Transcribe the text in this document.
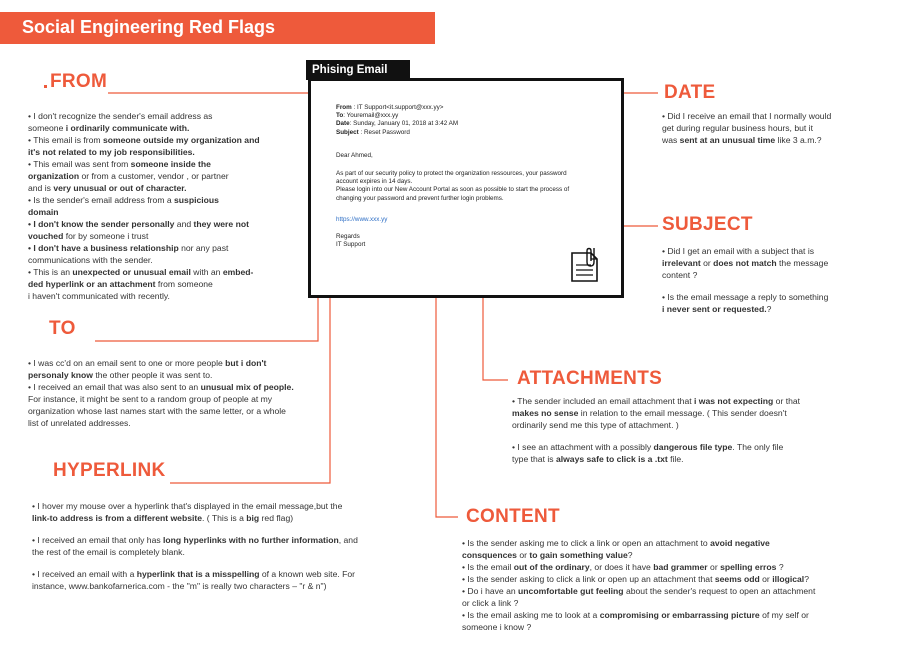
Social Engineering Red Flags
Phising Email
From : IT Support<it.support@xxx.yy>
To: Youremail@xxx.yy
Date: Sunday, January 01, 2018 at 3:42 AM
Subject : Reset Password
Dear Ahmed,
As part of our security policy to protect the organization ressources, your password
account expires in 14 days.
Please login into our New Account Portal as soon as possible to start the process of
changing your password and prevent further login problems.
https://www.xxx.yy
Regards
IT Support
FROM
TO
HYPERLINK
DATE
SUBJECT
ATTACHMENTS
CONTENT
• I don't recognize the sender's email address as
someone i ordinarily communicate with.
• This email is from someone outside my organization and
it's not related to my job responsibilities.
• This email was sent from someone inside the
organization or from a customer, vendor , or partner
and is very unusual or out of character.
• Is the sender's email address from a suspicious
domain
• I don't know the sender personally and they were not
vouched for by someone i trust
• I don't have a business relationship nor any past
communications with the sender.
• This is an unexpected or unusual email with an embed-
ded hyperlink or an attachment from someone
i haven't communicated with recently.
• I was cc'd on an email sent to one or more people but i don't
personaly know the other people it was sent to.
• I received an email that was also sent to an unusual mix of people.
For instance, it might be sent to a random group of people at my
organization whose last names start with the same letter, or a whole
list of unrelated addresses.
• I hover my mouse over a hyperlink that's displayed in the email message,but the
link-to address is from a different website. ( This is a big red flag)
• I received an email that only has long hyperlinks with no further information, and
the rest of the email is completely blank.
• I received an email with a hyperlink that is a misspelling of a known web site. For
instance, www.bankofarnerica.com - the "m" is really two characters – "r & n")
• Did I receive an email that I normally would
get during regular business hours, but it
was sent at an unusual time like 3 a.m.?
• Did I get an email with a subject that is
irrelevant or does not match the message
content ?
• Is the email message a reply to something
i never sent or requested.?
• The sender included an email attachment that i was not expecting or that
makes no sense in relation to the email message. ( This sender doesn't
ordinarily send me this type of attachment. )
• I see an attachment with a possibly dangerous file type. The only file
type that is always safe to click is a .txt file.
• Is the sender asking me to click a link or open an attachment to avoid negative
consquences or to gain something value?
• Is the email out of the ordinary, or does it have bad grammer or spelling erros ?
• Is the sender asking to click a link or open up an attachment that seems odd or illogical?
• Do i have an uncomfortable gut feeling about the sender's request to open an attachment
or click a link ?
• Is the email asking me to look at a compromising or embarrassing picture of my self or
someone i know ?
